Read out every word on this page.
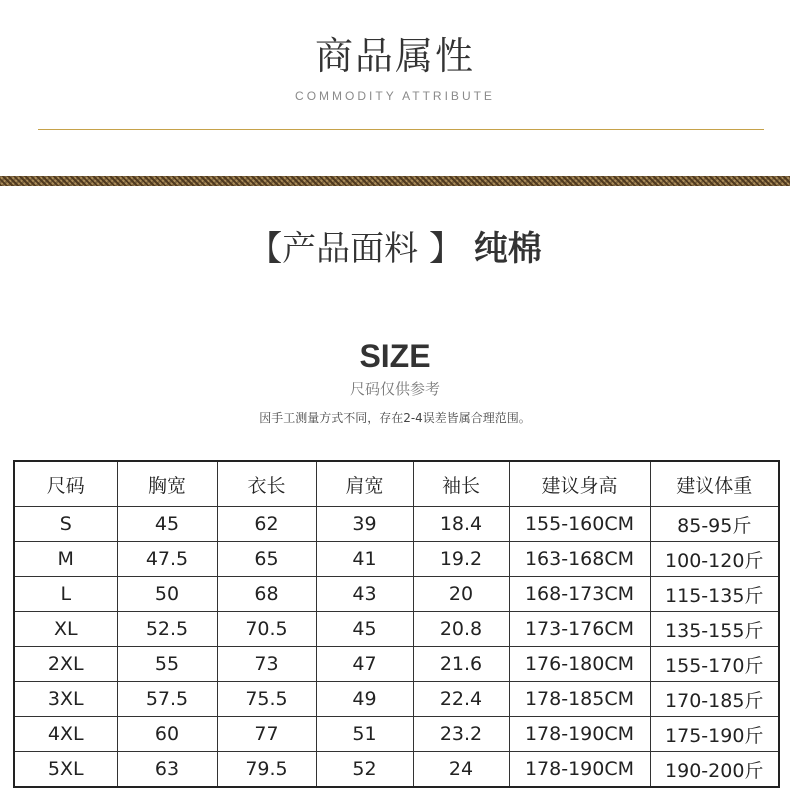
商品属性
COMMODITY ATTRIBUTE
【产品面料 】 纯棉
SIZE
尺码仅供参考
因手工测量方式不同，存在2-4误差皆属合理范围。
尺码	胸宽	衣长	肩宽	袖长	建议身高	建议体重
S	45	62	39	18.4	155-160CM	85-95斤
M	47.5	65	41	19.2	163-168CM	100-120斤
L	50	68	43	20	168-173CM	115-135斤
XL	52.5	70.5	45	20.8	173-176CM	135-155斤
2XL	55	73	47	21.6	176-180CM	155-170斤
3XL	57.5	75.5	49	22.4	178-185CM	170-185斤
4XL	60	77	51	23.2	178-190CM	175-190斤
5XL	63	79.5	52	24	178-190CM	190-200斤
